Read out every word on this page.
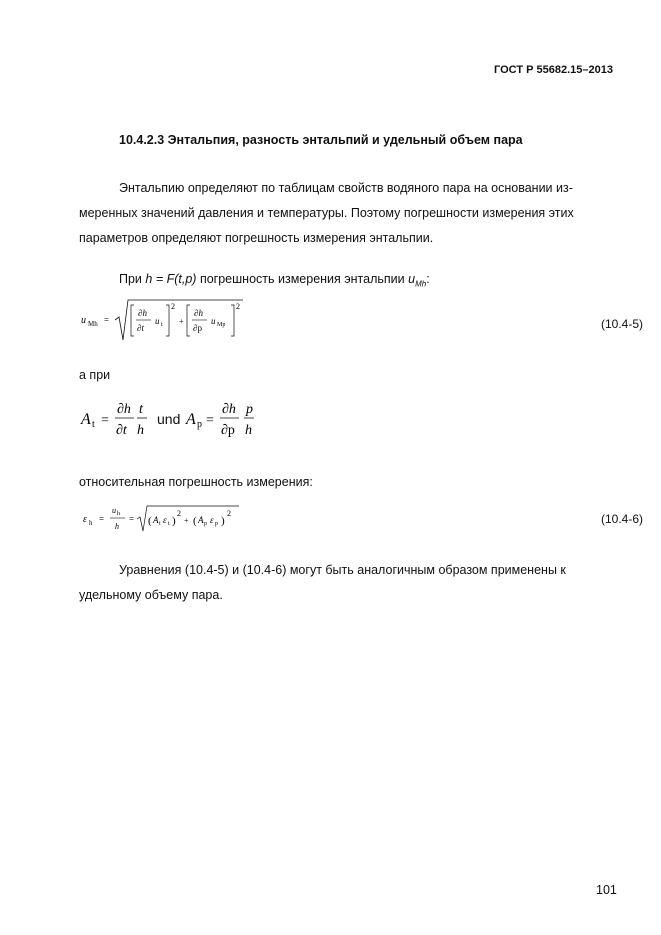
ГОСТ Р 55682.15–2013
10.4.2.3 Энтальпия, разность энтальпий и удельный объем пара
Энтальпию определяют по таблицам свойств водяного пара на основании из-меренных значений давления и температуры. Поэтому погрешности измерения этих параметров определяют погрешность измерения энтальпии.
При h = F(t,p) погрешность измерения энтальпии $u_{Mh}$:
u Mh =
∂h
∂t
u t
2
+
∂h
∂p
u Mp
2
(10.4-5)
а при
A t =
∂h
∂t
t
h
und A p =
∂h
∂p
p
h
относительная погрешность измерения:
ε h =
u h
h
= ( A t ε t )
2
+ ( A p ε p )
2	(10.4-6)
Уравнения (10.4-5) и (10.4-6) могут быть аналогичным образом применены к удельному объему пара.
101
